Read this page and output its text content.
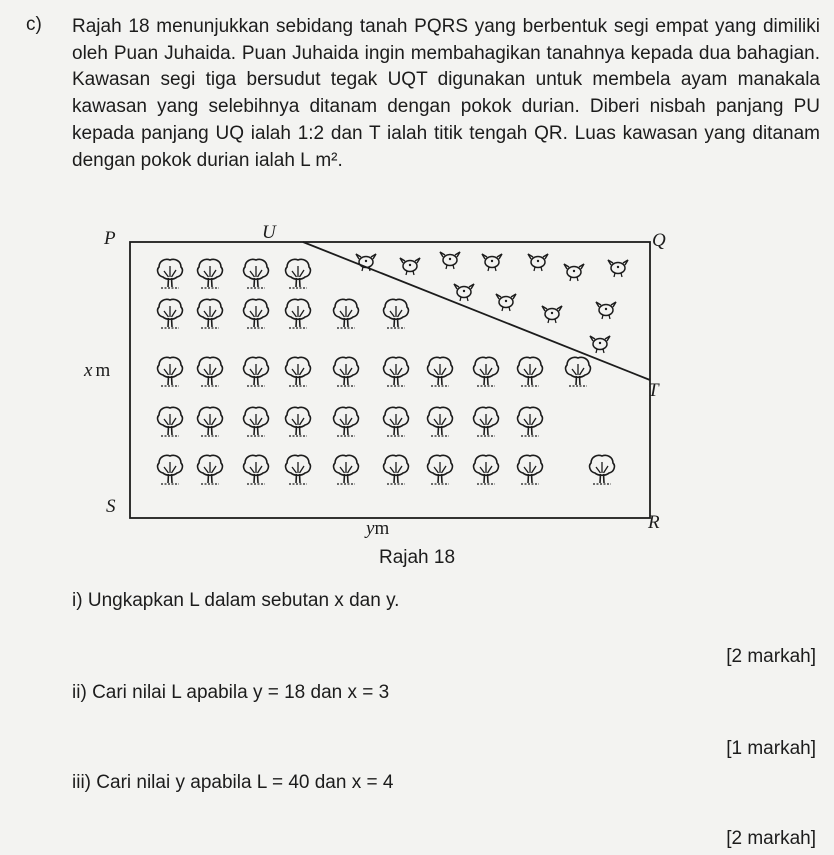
c) Rajah 18 menunjukkan sebidang tanah PQRS yang berbentuk segi empat yang dimiliki oleh Puan Juhaida. Puan Juhaida ingin membahagikan tanahnya kepada dua bahagian. Kawasan segi tiga bersudut tegak UQT digunakan untuk membela ayam manakala kawasan yang selebihnya ditanam dengan pokok durian. Diberi nisbah panjang PU kepada panjang UQ ialah 1:2 dan T ialah titik tengah QR. Luas kawasan yang ditanam dengan pokok durian ialah L m².
P	U	Q
T
S
R
x m
ym
Rajah 18
i) Ungkapkan L dalam sebutan x dan y.
[2 markah]
ii) Cari nilai L apabila y = 18 dan x = 3
[1 markah]
iii) Cari nilai y apabila L = 40 dan x = 4
[2 markah]
